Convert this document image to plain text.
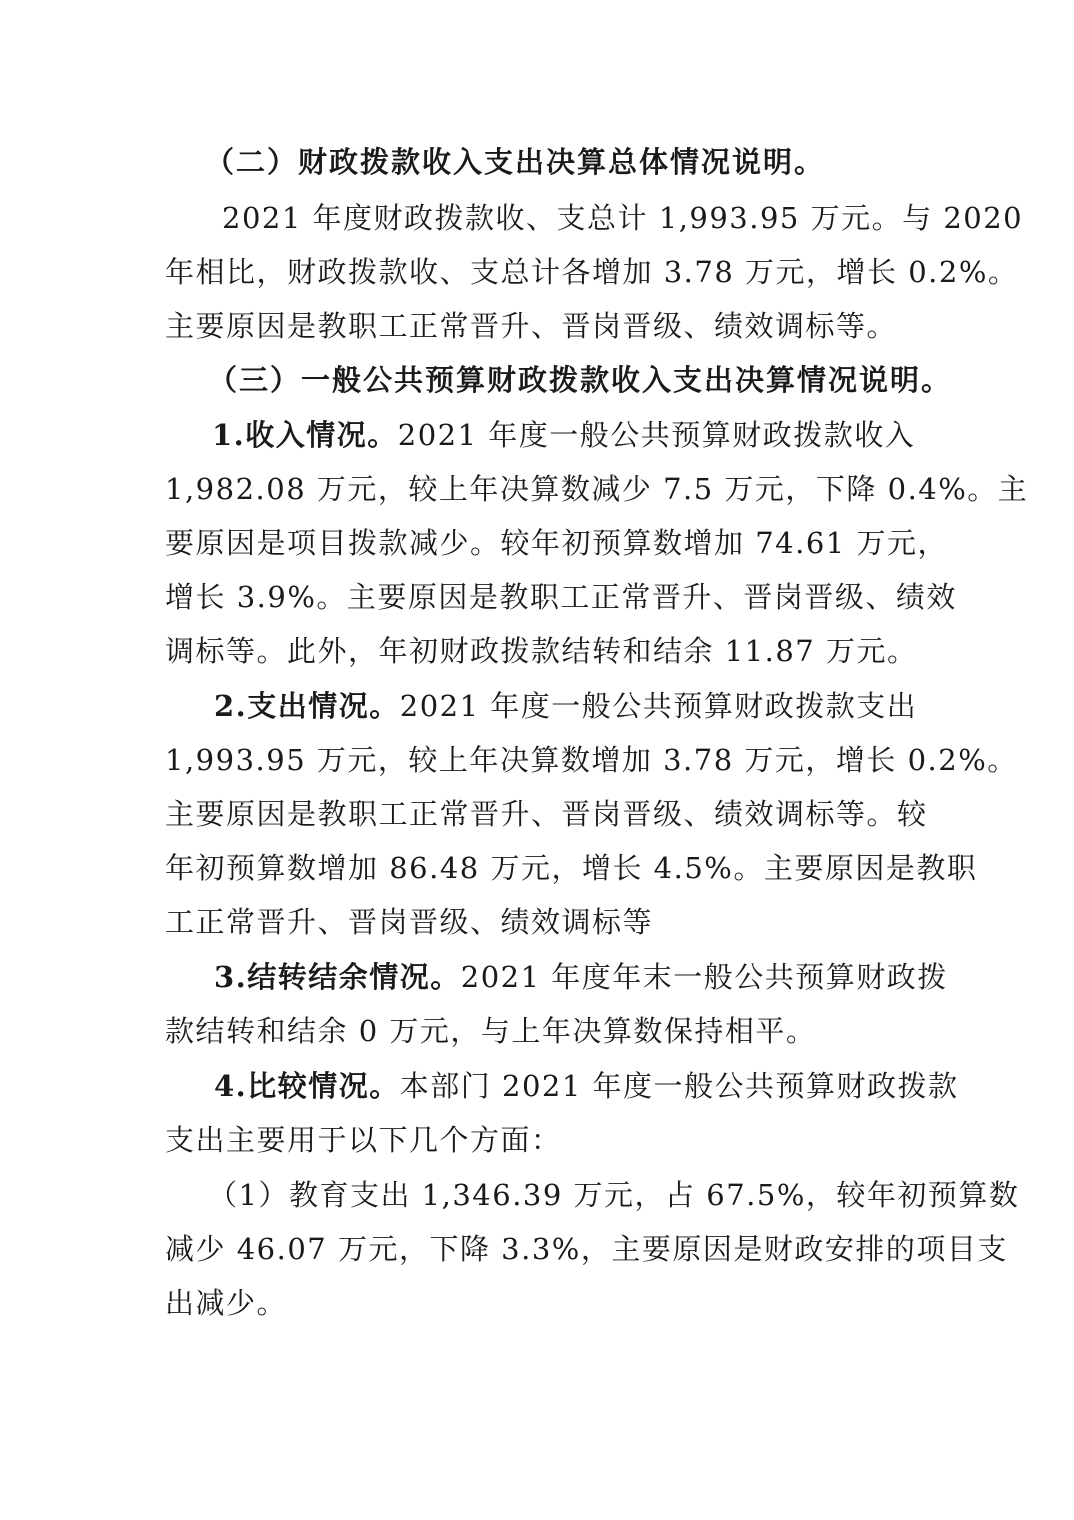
（二）财政拨款收入支出决算总体情况说明。
2021 年度财政拨款收、支总计 1,993.95 万元。与 2020
年相比，财政拨款收、支总计各增加 3.78 万元，增长 0.2%。
主要原因是教职工正常晋升、晋岗晋级、绩效调标等。
（三）一般公共预算财政拨款收入支出决算情况说明。
1.收入情况。2021 年度一般公共预算财政拨款收入
1,982.08 万元，较上年决算数减少 7.5 万元，下降 0.4%。主
要原因是项目拨款减少。较年初预算数增加 74.61 万元，
增长 3.9%。主要原因是教职工正常晋升、晋岗晋级、绩效
调标等。此外，年初财政拨款结转和结余 11.87 万元。
2.支出情况。2021 年度一般公共预算财政拨款支出
1,993.95 万元，较上年决算数增加 3.78 万元，增长 0.2%。
主要原因是教职工正常晋升、晋岗晋级、绩效调标等。较
年初预算数增加 86.48 万元，增长 4.5%。主要原因是教职
工正常晋升、晋岗晋级、绩效调标等
3.结转结余情况。2021 年度年末一般公共预算财政拨
款结转和结余 0 万元，与上年决算数保持相平。
4.比较情况。本部门 2021 年度一般公共预算财政拨款
支出主要用于以下几个方面：
（1）教育支出 1,346.39 万元，占 67.5%，较年初预算数
减少 46.07 万元，下降 3.3%，主要原因是财政安排的项目支
出减少。
